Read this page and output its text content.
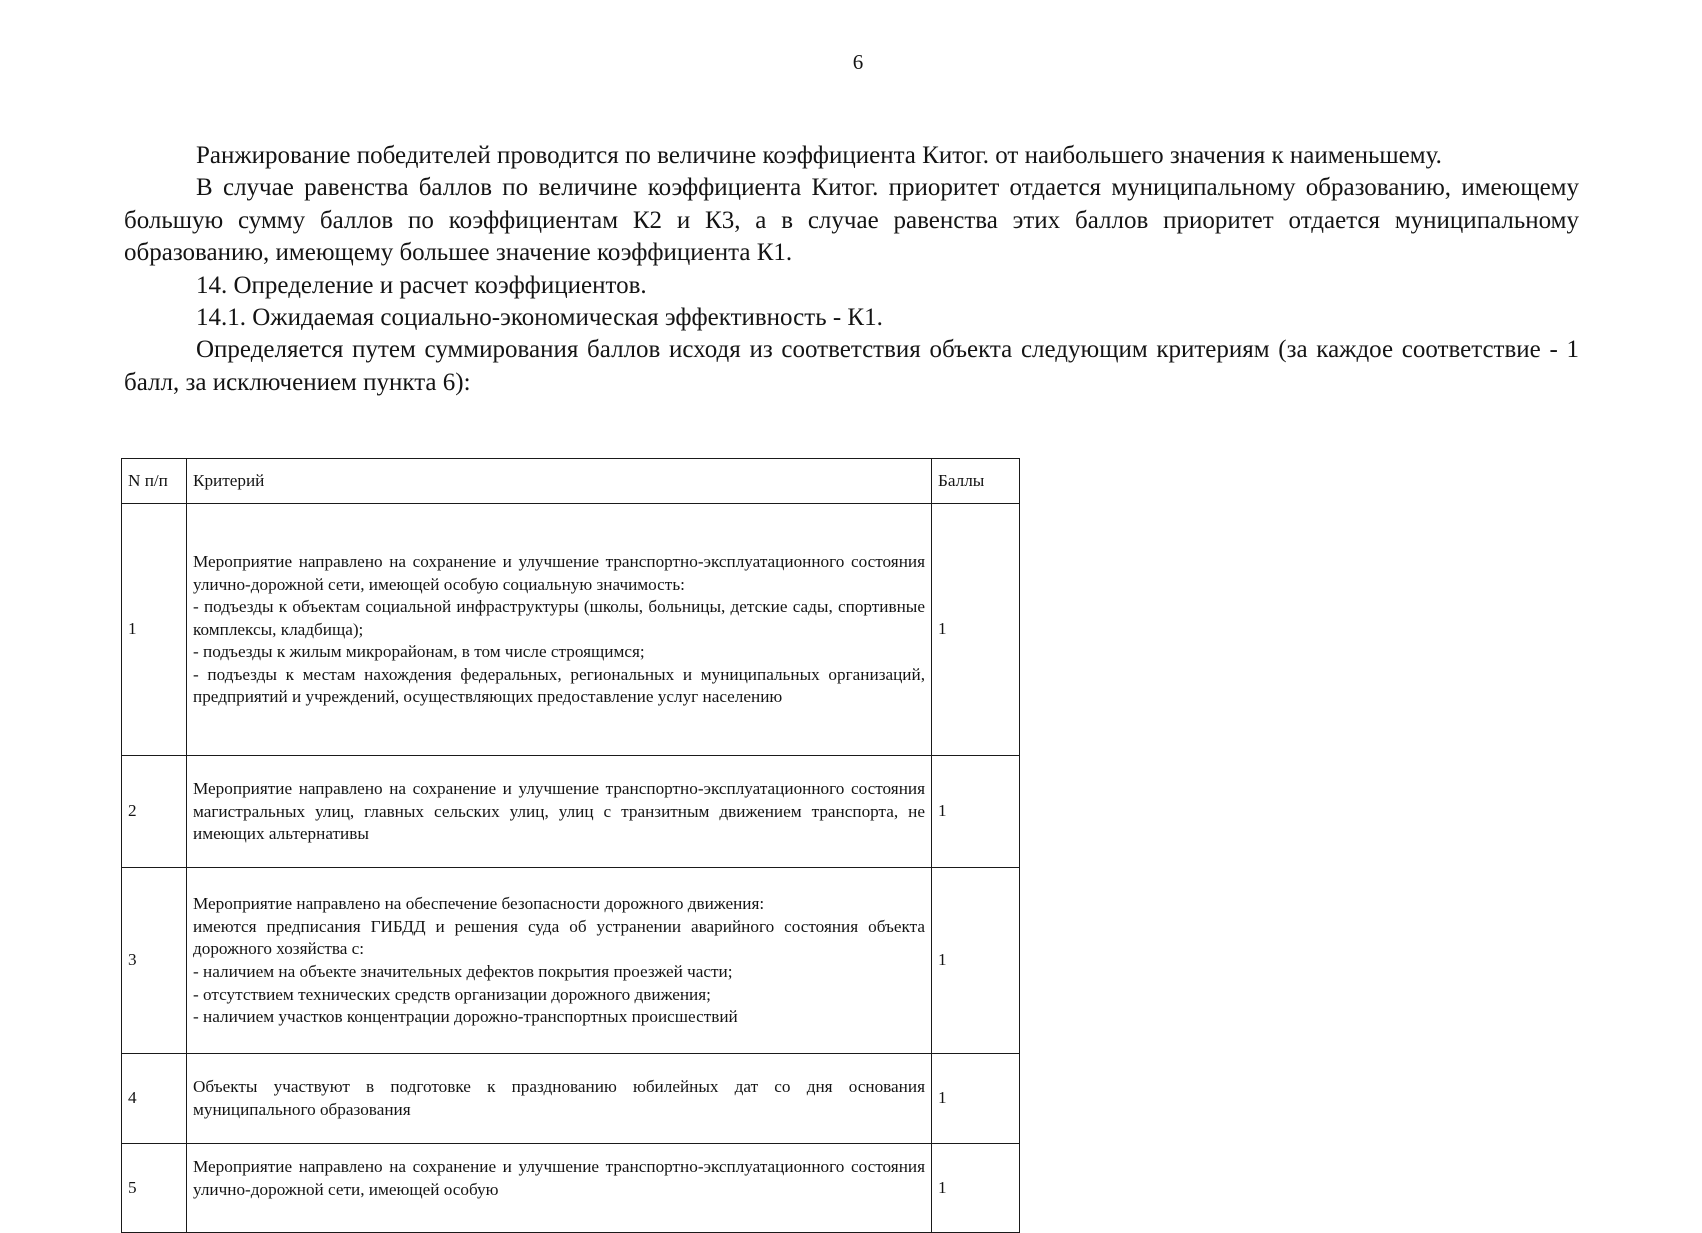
6

Ранжирование победителей проводится по величине коэффициента Китог. от наибольшего значения к наименьшему.

В случае равенства баллов по величине коэффициента Китог. приоритет отдается муниципальному образованию, имеющему большую сумму баллов по коэффициентам К2 и К3, а в случае равенства этих баллов приоритет отдается муниципальному образованию, имеющему большее значение коэффициента К1.

14. Определение и расчет коэффициентов.

14.1. Ожидаемая социально-экономическая эффективность - К1.

Определяется путем суммирования баллов исходя из соответствия объекта следующим критериям (за каждое соответствие - 1 балл, за исключением пункта 6):

N п/п	Критерий	Баллы
1	Мероприятие направлено на сохранение и улучшение транспортно-эксплуатационного состояния улично-дорожной сети, имеющей особую социальную значимость:
- подъезды к объектам социальной инфраструктуры (школы, больницы, детские сады, спортивные комплексы, кладбища);
- подъезды к жилым микрорайонам, в том числе строящимся;
- подъезды к местам нахождения федеральных, региональных и муниципальных организаций, предприятий и учреждений, осуществляющих предоставление услуг населению	1
2	Мероприятие направлено на сохранение и улучшение транспортно-эксплуатационного состояния магистральных улиц, главных сельских улиц, улиц с транзитным движением транспорта, не имеющих альтернативы	1
3	Мероприятие направлено на обеспечение безопасности дорожного движения:
имеются предписания ГИБДД и решения суда об устранении аварийного состояния объекта дорожного хозяйства с:
- наличием на объекте значительных дефектов покрытия проезжей части;
- отсутствием технических средств организации дорожного движения;
- наличием участков концентрации дорожно-транспортных происшествий	1
4	Объекты участвуют в подготовке к празднованию юбилейных дат со дня основания муниципального образования	1
5	Мероприятие направлено на сохранение и улучшение транспортно-эксплуатационного состояния улично-дорожной сети, имеющей особую	1
